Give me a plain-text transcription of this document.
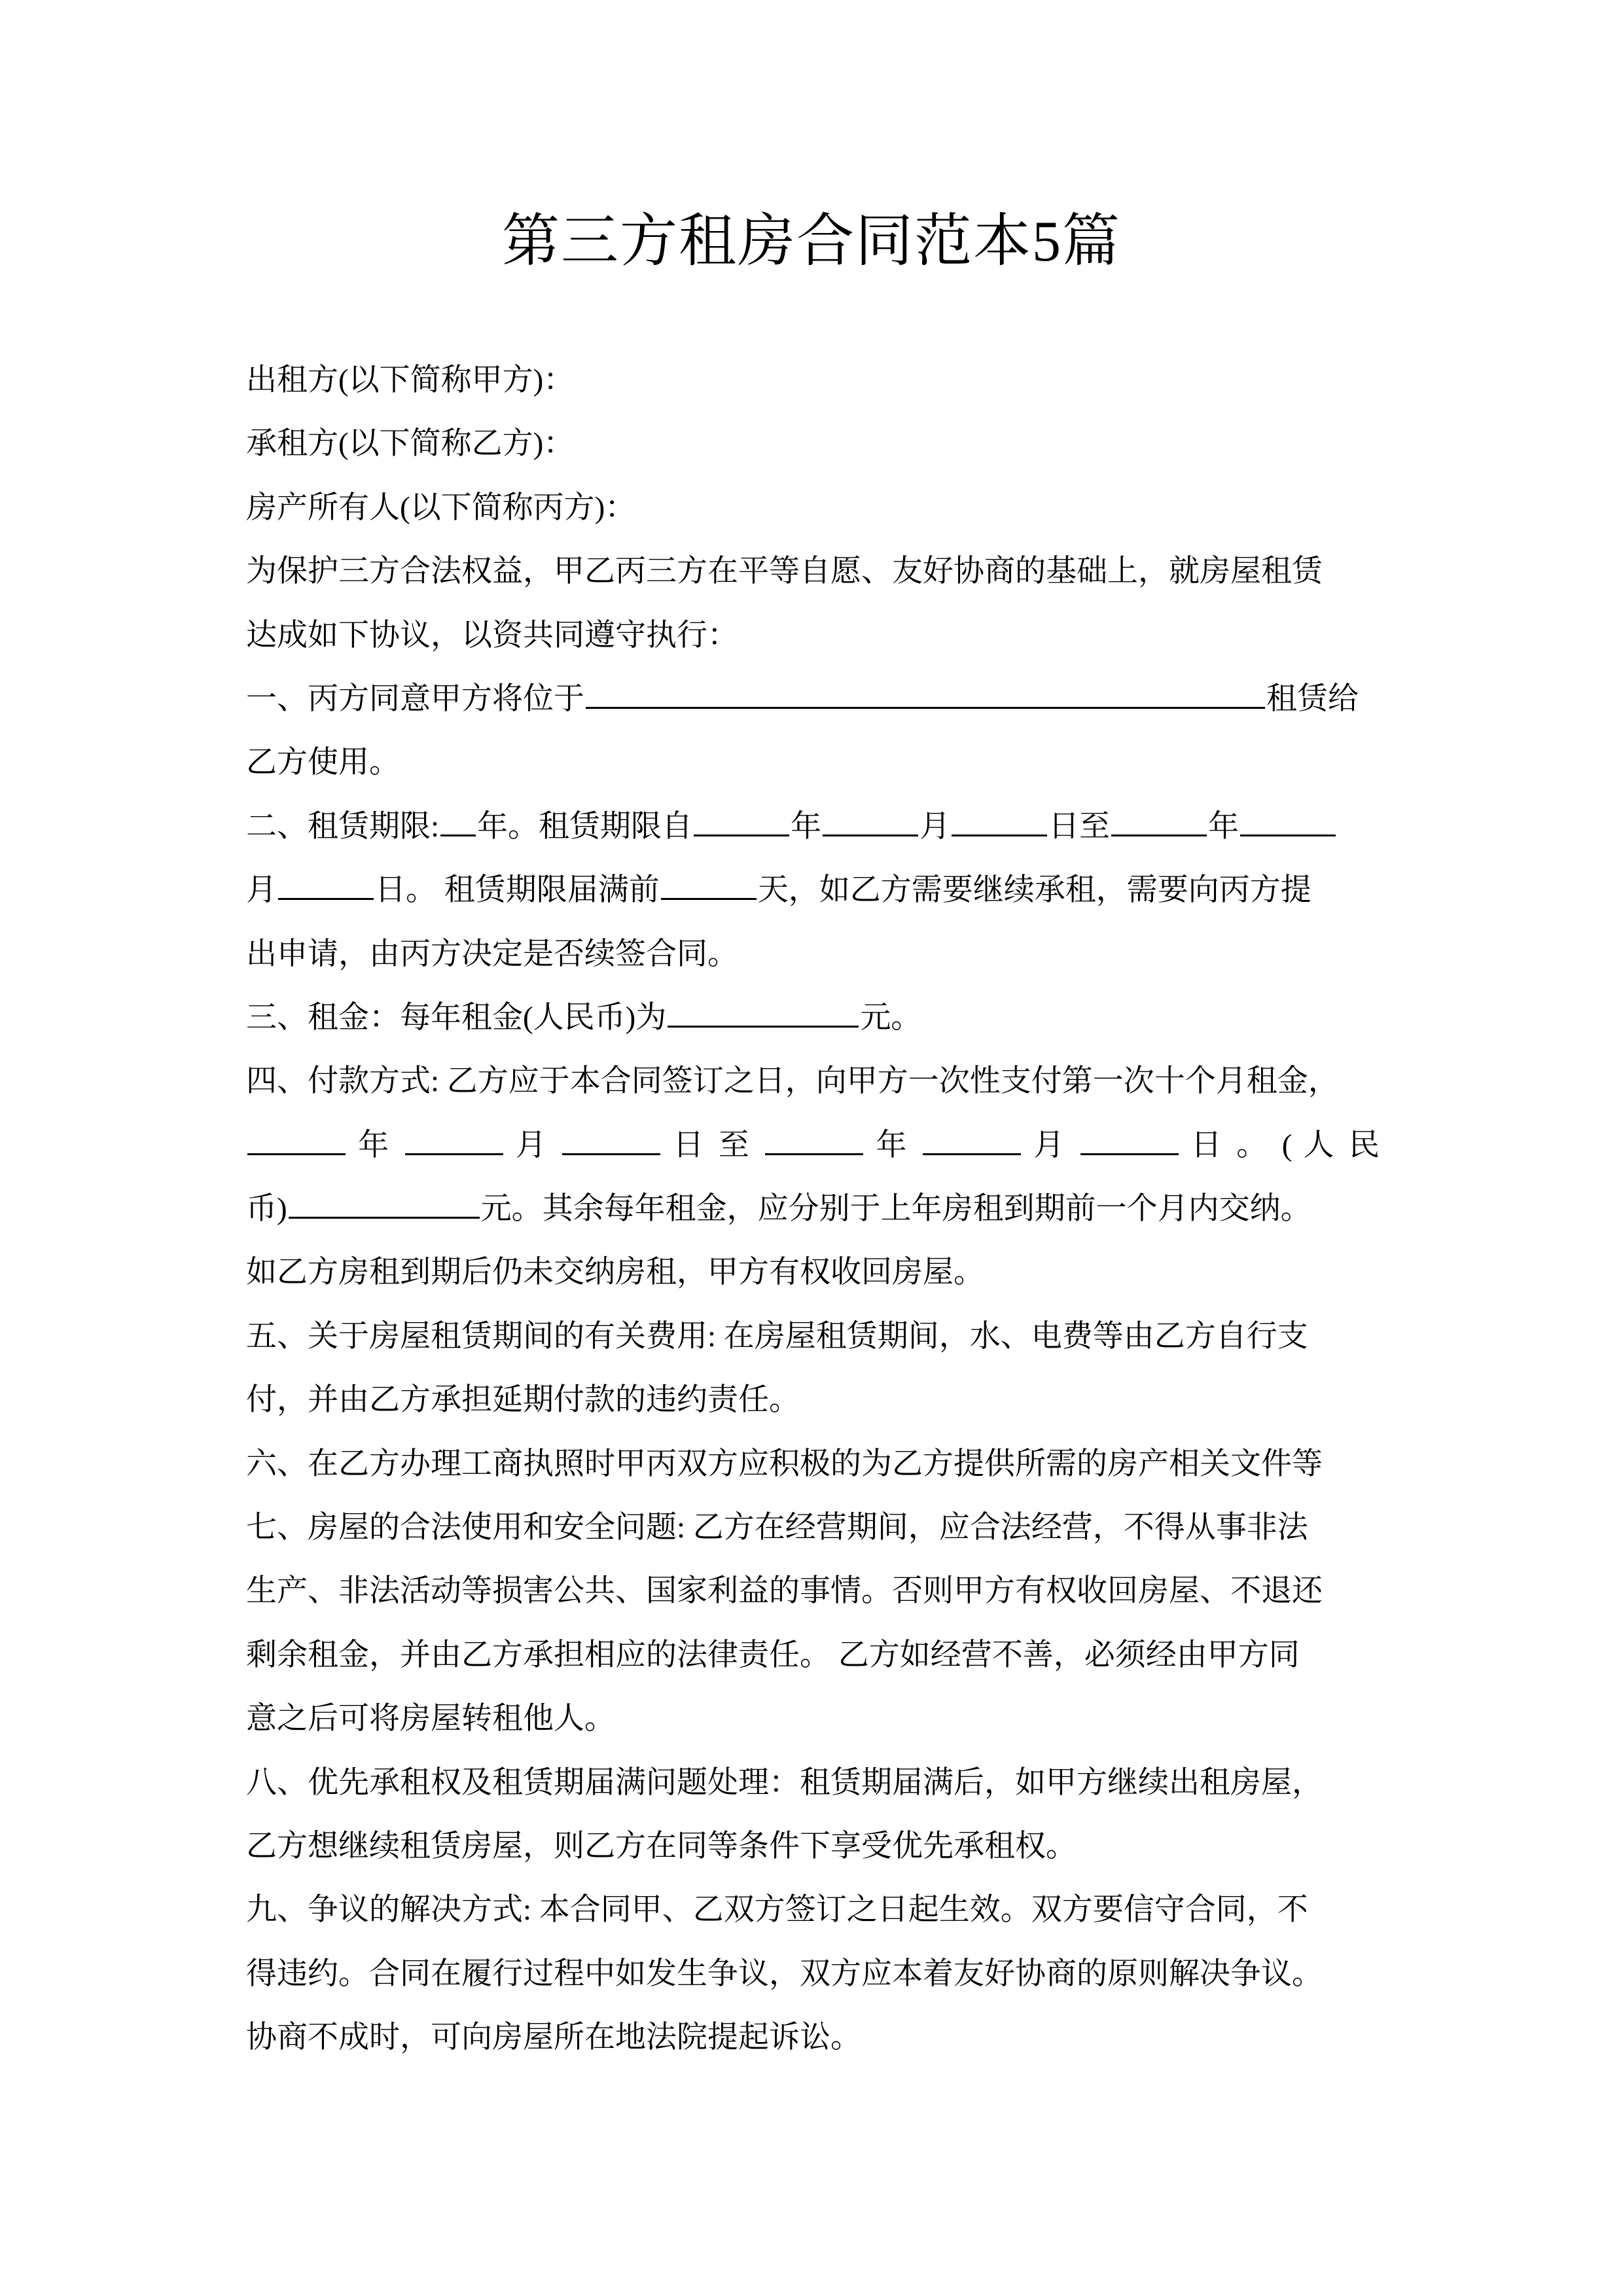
第三方租房合同范本5篇
出租方(以下简称甲方)：
承租方(以下简称乙方)：
房产所有人(以下简称丙方)：
为保护三方合法权益，甲乙丙三方在平等自愿、友好协商的基础上，就房屋租赁
达成如下协议，以资共同遵守执行：
一、丙方同意甲方将位于	租赁给
乙方使用。
二、租赁期限: 年。租赁期限自	年	月	日至	年
月	日。 租赁期限届满前	天，如乙方需要继续承租，需要向丙方提
出申请，由丙方决定是否续签合同。
三、租金：每年租金(人民币)为	元。
四、付款方式: 乙方应于本合同签订之日，向甲方一次性支付第一次十个月租金，
年	月	日 至	年	月	日 。 ( 人 民
币)	元。其余每年租金，应分别于上年房租到期前一个月内交纳。
如乙方房租到期后仍未交纳房租，甲方有权收回房屋。
五、关于房屋租赁期间的有关费用: 在房屋租赁期间，水、电费等由乙方自行支
付，并由乙方承担延期付款的违约责任。
六、在乙方办理工商执照时甲丙双方应积极的为乙方提供所需的房产相关文件等
七、房屋的合法使用和安全问题: 乙方在经营期间，应合法经营，不得从事非法
生产、非法活动等损害公共、国家利益的事情。否则甲方有权收回房屋、不退还
剩余租金，并由乙方承担相应的法律责任。 乙方如经营不善，必须经由甲方同
意之后可将房屋转租他人。
八、优先承租权及租赁期届满问题处理：租赁期届满后，如甲方继续出租房屋，
乙方想继续租赁房屋，则乙方在同等条件下享受优先承租权。
九、争议的解决方式: 本合同甲、乙双方签订之日起生效。双方要信守合同，不
得违约。合同在履行过程中如发生争议，双方应本着友好协商的原则解决争议。
协商不成时，可向房屋所在地法院提起诉讼。
